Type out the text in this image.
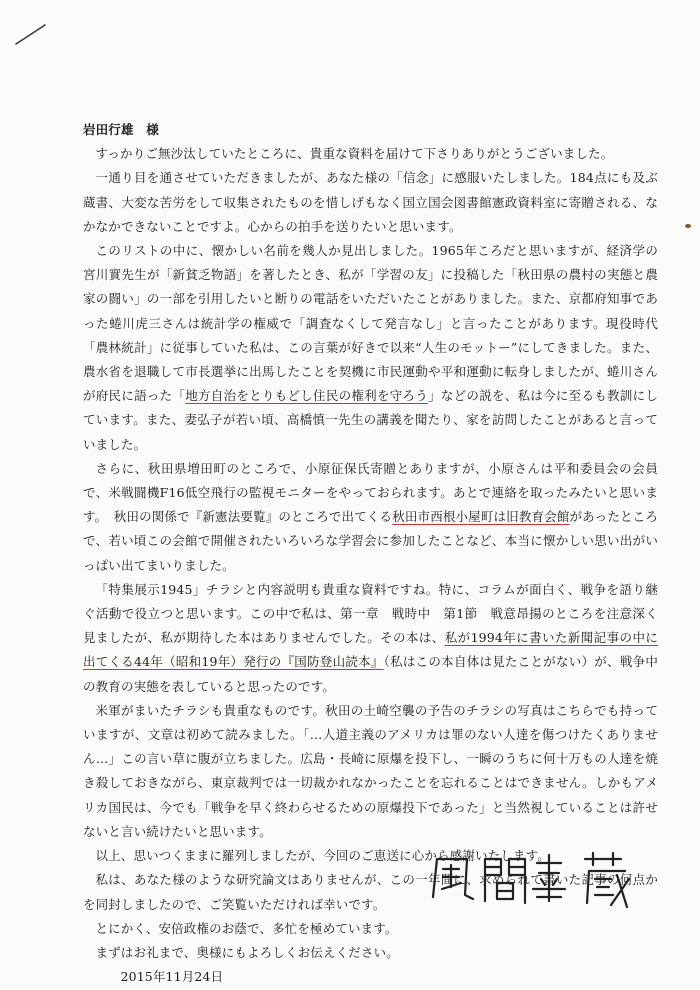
岩田行雄　様

すっかりご無沙汰していたところに、貴重な資料を届けて下さりありがとうございました。

一通り目を通させていただきましたが、あなた様の「信念」に感服いたしました。184点にも及ぶ蔵書、大変な苦労をして収集されたものを惜しげもなく国立国会図書館憲政資料室に寄贈される、なかなかできないことですよ。心からの拍手を送りたいと思います。

このリストの中に、懐かしい名前を幾人か見出しました。1965年ころだと思いますが、経済学の宮川實先生が「新貧乏物語」を著したとき、私が「学習の友」に投稿した「秋田県の農村の実態と農家の闘い」の一部を引用したいと断りの電話をいただいたことがありました。また、京都府知事であった蜷川虎三さんは統計学の権威で「調査なくして発言なし」と言ったことがあります。現役時代「農林統計」に従事していた私は、この言葉が好きで以来“人生のモットー”にしてきました。また、農水省を退職して市長選挙に出馬したことを契機に市民運動や平和運動に転身しましたが、蜷川さんが府民に語った「地方自治をとりもどし住民の権利を守ろう」などの説を、私は今に至るも教訓にしています。また、妻弘子が若い頃、高橋慎一先生の講義を聞たり、家を訪問したことがあると言っていました。

さらに、秋田県増田町のところで、小原征保氏寄贈とありますが、小原さんは平和委員会の会員で、米戦闘機F16低空飛行の監視モニターをやっておられます。あとで連絡を取ったみたいと思います。　秋田の関係で『新憲法要覧』のところで出てくる秋田市西根小屋町は旧教育会館があったところで、若い頃この会館で開催されたいろいろな学習会に参加したことなど、本当に懐かしい思い出がいっぱい出てまいりました。

「特集展示1945」チラシと内容説明も貴重な資料ですね。特に、コラムが面白く、戦争を語り継ぐ活動で役立つと思います。この中で私は、第一章　戦時中　第1節　戦意昂揚のところを注意深く見ましたが、私が期待した本はありませんでした。その本は、私が1994年に書いた新聞記事の中に出てくる44年（昭和19年）発行の『国防登山読本』（私はこの本自体は見たことがない）が、戦争中の教育の実態を表していると思ったのです。

米軍がまいたチラシも貴重なものです。秋田の土崎空襲の予告のチラシの写真はこちらでも持っていますが、文章は初めて読みました。「…人道主義のアメリカは罪のない人達を傷つけたくありません…」この言い草に腹が立ちました。広島・長崎に原爆を投下し、一瞬のうちに何十万もの人達を焼き殺しておきながら、東京裁判では一切裁かれなかったことを忘れることはできません。しかもアメリカ国民は、今でも「戦争を早く終わらせるための原爆投下であった」と当然視していることは許せないと言い続けたいと思います。

以上、思いつくままに羅列しましたが、今回のご恵送に心から感謝いたします。

私は、あなた様のような研究論文はありませんが、この一年間に、求められて書いた記事の何点かを同封しましたので、ご笑覧いただければ幸いです。

とにかく、安倍政権のお蔭で、多忙を極めています。

まずはお礼まで、奥様にもよろしくお伝えください。

2015年11月24日
